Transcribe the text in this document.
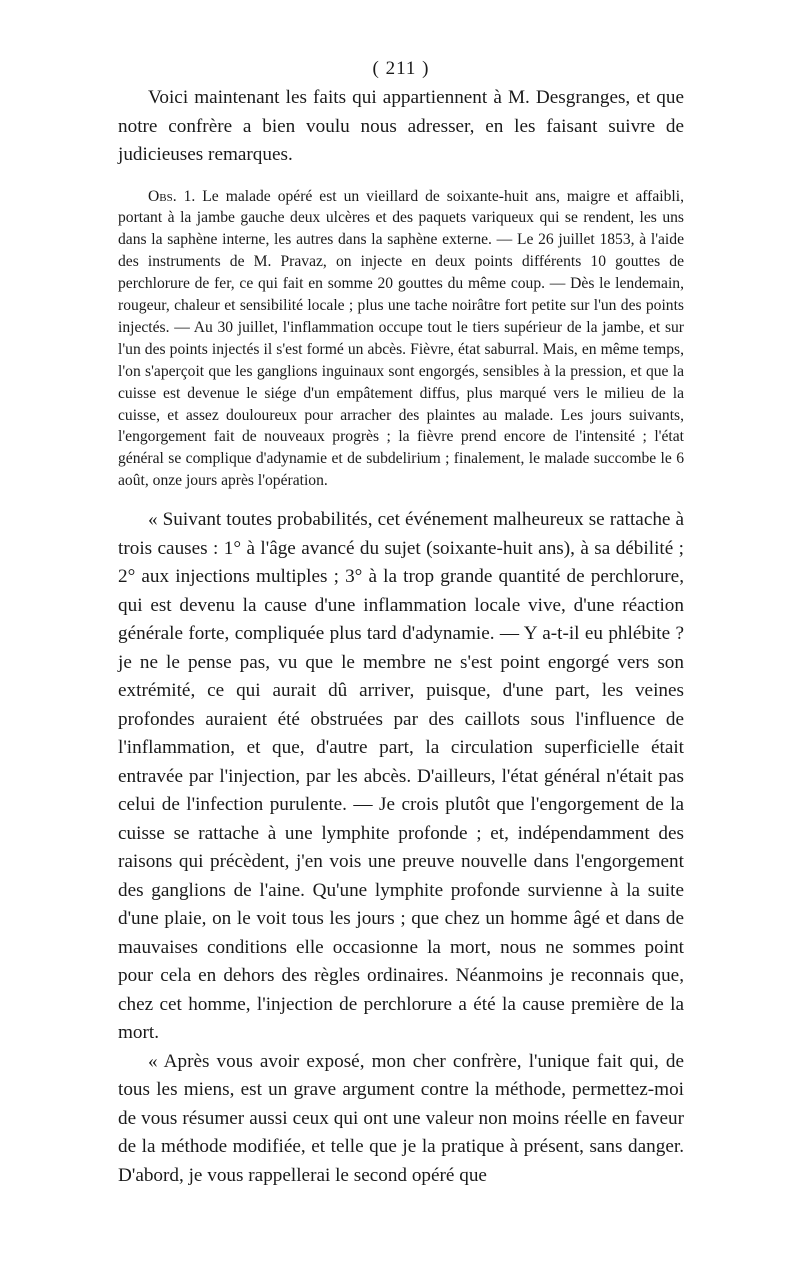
( 211 )

Voici maintenant les faits qui appartiennent à M. Desgranges, et que notre confrère a bien voulu nous adresser, en les faisant suivre de judicieuses remarques.

Obs. 1. Le malade opéré est un vieillard de soixante-huit ans, maigre et affaibli, portant à la jambe gauche deux ulcères et des paquets variqueux qui se rendent, les uns dans la saphène interne, les autres dans la saphène externe. — Le 26 juillet 1853, à l'aide des instruments de M. Pravaz, on injecte en deux points différents 10 gouttes de perchlorure de fer, ce qui fait en somme 20 gouttes du même coup. — Dès le lendemain, rougeur, chaleur et sensibilité locale ; plus une tache noirâtre fort petite sur l'un des points injectés. — Au 30 juillet, l'inflammation occupe tout le tiers supérieur de la jambe, et sur l'un des points injectés il s'est formé un abcès. Fièvre, état saburral. Mais, en même temps, l'on s'aperçoit que les ganglions inguinaux sont engorgés, sensibles à la pression, et que la cuisse est devenue le siége d'un empâtement diffus, plus marqué vers le milieu de la cuisse, et assez douloureux pour arracher des plaintes au malade. Les jours suivants, l'engorgement fait de nouveaux progrès ; la fièvre prend encore de l'intensité ; l'état général se complique d'adynamie et de subdelirium ; finalement, le malade succombe le 6 août, onze jours après l'opération.

« Suivant toutes probabilités, cet événement malheureux se rattache à trois causes : 1° à l'âge avancé du sujet (soixante-huit ans), à sa débilité ; 2° aux injections multiples ; 3° à la trop grande quantité de perchlorure, qui est devenu la cause d'une inflammation locale vive, d'une réaction générale forte, compliquée plus tard d'adynamie. — Y a-t-il eu phlébite ? je ne le pense pas, vu que le membre ne s'est point engorgé vers son extrémité, ce qui aurait dû arriver, puisque, d'une part, les veines profondes auraient été obstruées par des caillots sous l'influence de l'inflammation, et que, d'autre part, la circulation superficielle était entravée par l'injection, par les abcès. D'ailleurs, l'état général n'était pas celui de l'infection purulente. — Je crois plutôt que l'engorgement de la cuisse se rattache à une lymphite profonde ; et, indépendamment des raisons qui précèdent, j'en vois une preuve nouvelle dans l'engorgement des ganglions de l'aine. Qu'une lymphite profonde survienne à la suite d'une plaie, on le voit tous les jours ; que chez un homme âgé et dans de mauvaises conditions elle occasionne la mort, nous ne sommes point pour cela en dehors des règles ordinaires. Néanmoins je reconnais que, chez cet homme, l'injection de perchlorure a été la cause première de la mort.

« Après vous avoir exposé, mon cher confrère, l'unique fait qui, de tous les miens, est un grave argument contre la méthode, permettez-moi de vous résumer aussi ceux qui ont une valeur non moins réelle en faveur de la méthode modifiée, et telle que je la pratique à présent, sans danger. D'abord, je vous rappellerai le second opéré que
